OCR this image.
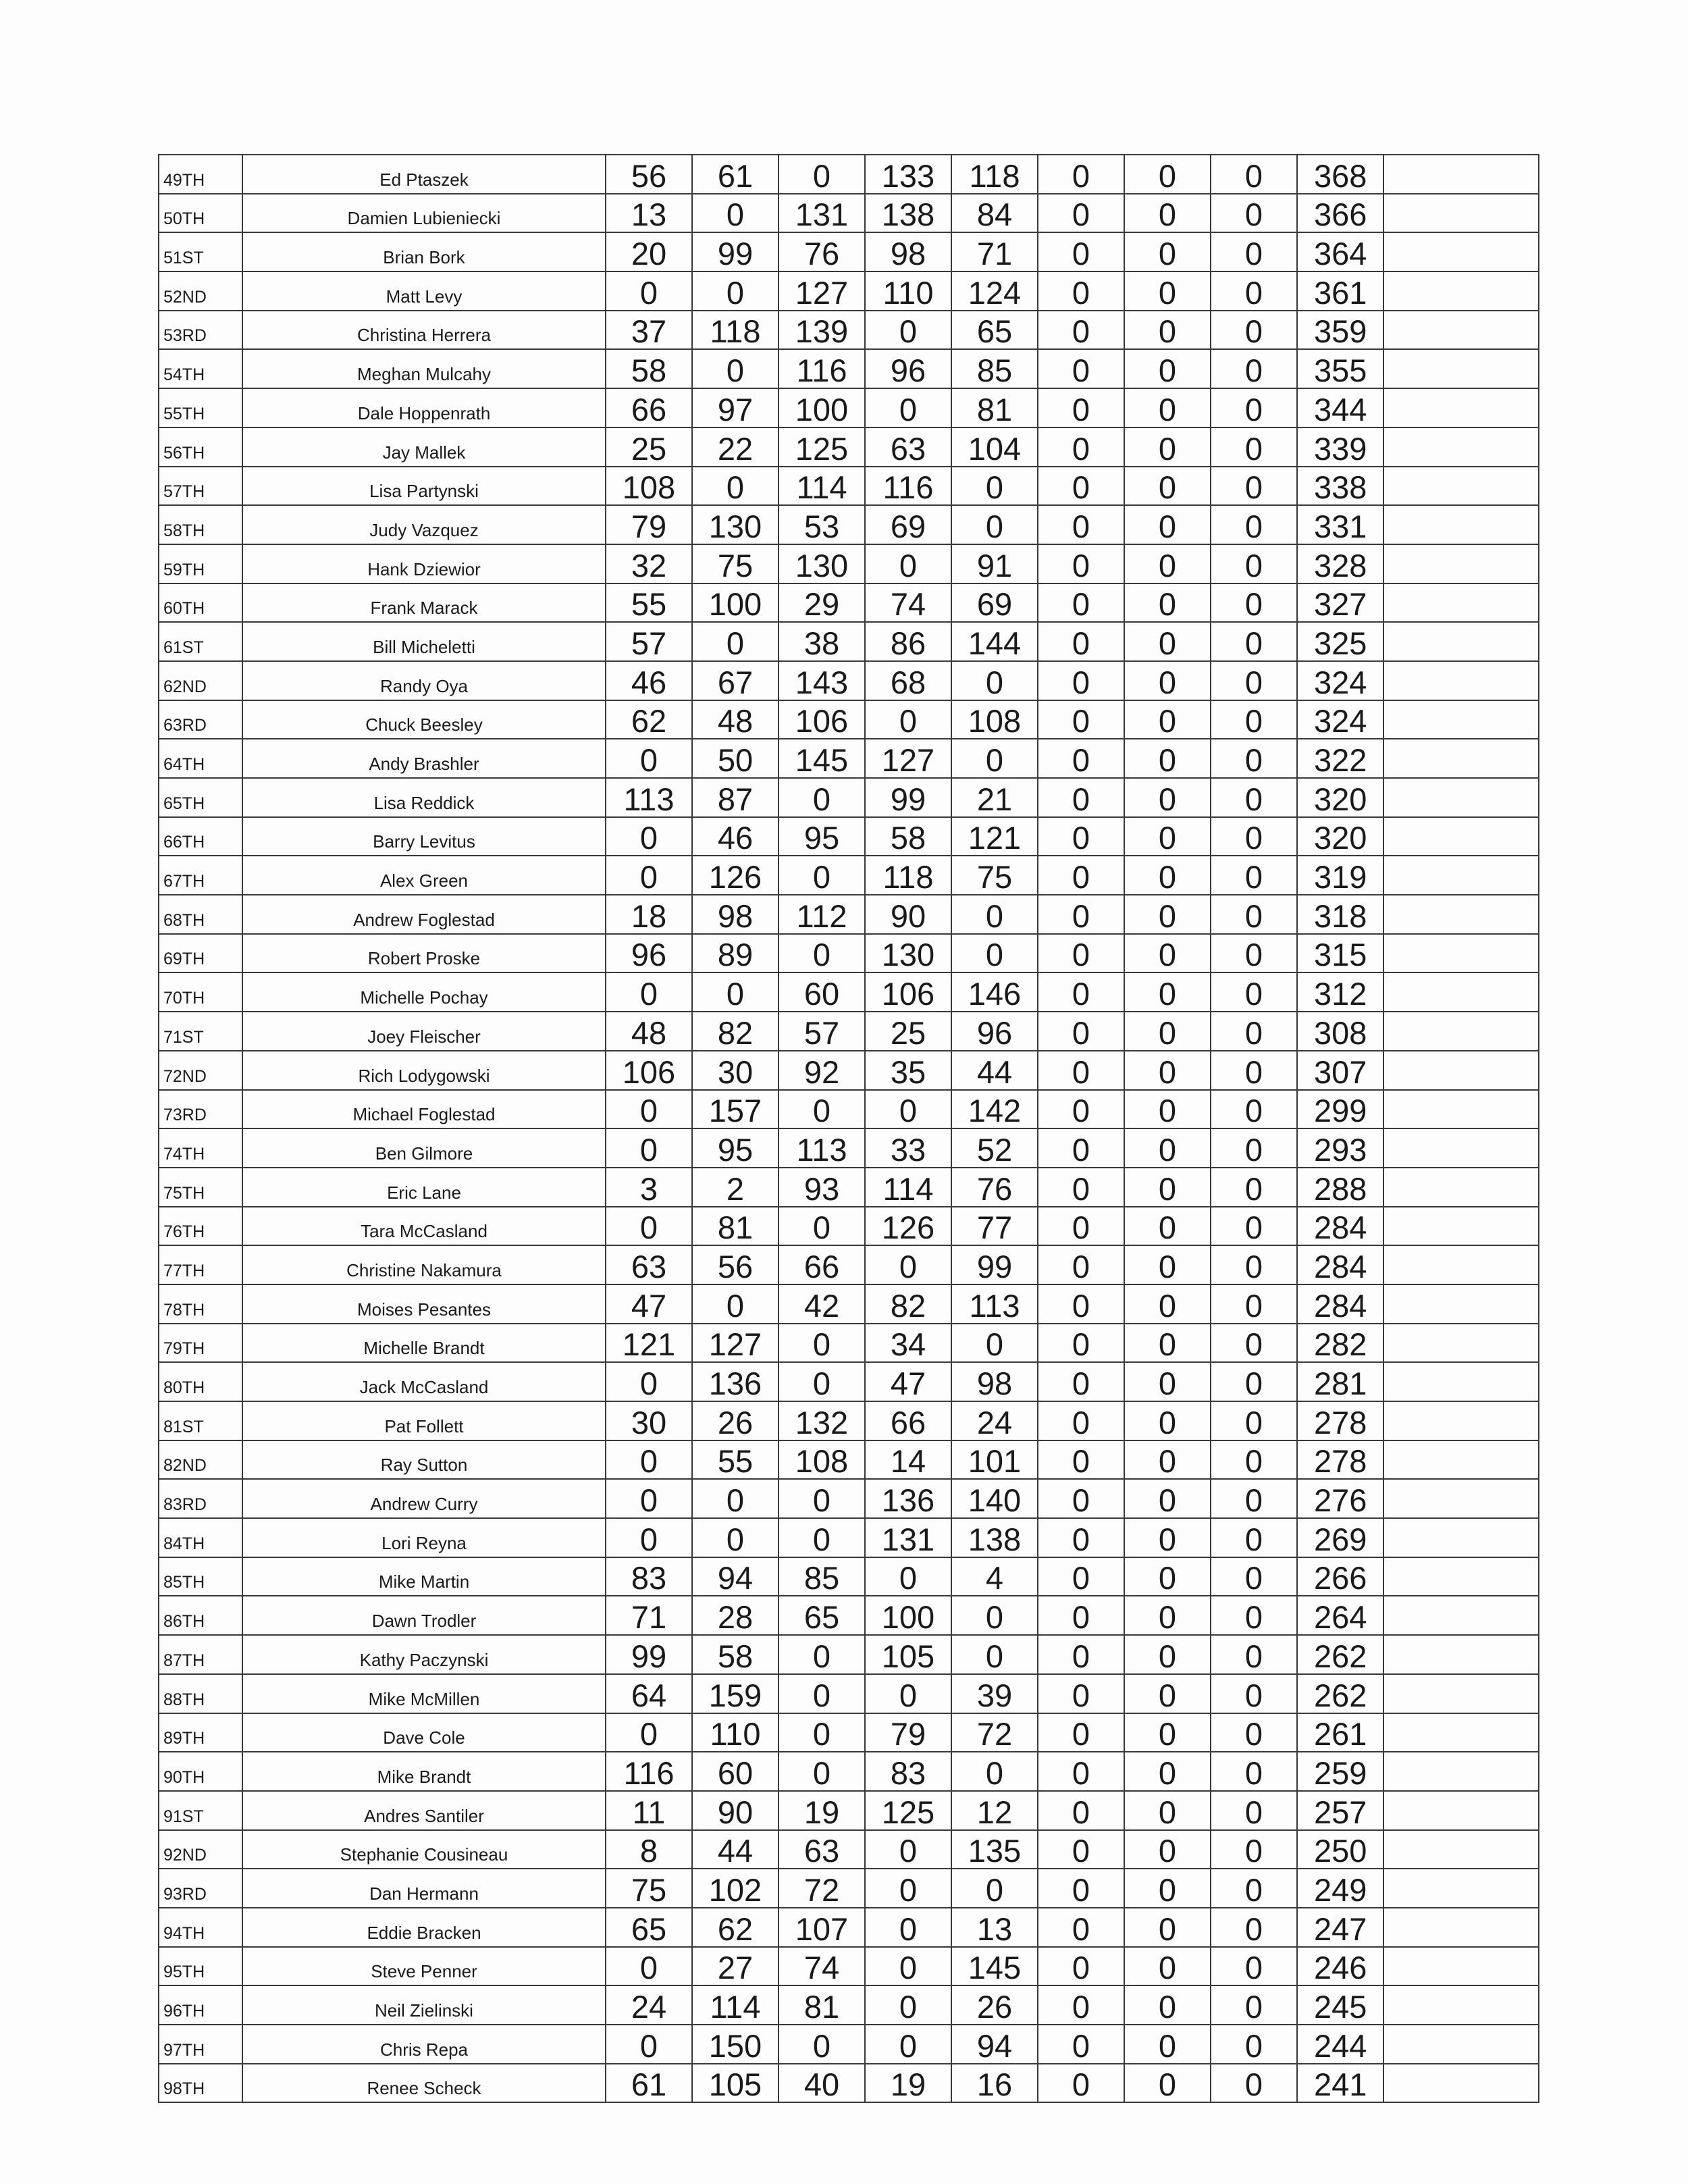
49TH	Ed Ptaszek	56	61	0	133	118	0	0	0	368	
50TH	Damien Lubieniecki	13	0	131	138	84	0	0	0	366	
51ST	Brian Bork	20	99	76	98	71	0	0	0	364	
52ND	Matt Levy	0	0	127	110	124	0	0	0	361	
53RD	Christina Herrera	37	118	139	0	65	0	0	0	359	
54TH	Meghan Mulcahy	58	0	116	96	85	0	0	0	355	
55TH	Dale Hoppenrath	66	97	100	0	81	0	0	0	344	
56TH	Jay Mallek	25	22	125	63	104	0	0	0	339	
57TH	Lisa Partynski	108	0	114	116	0	0	0	0	338	
58TH	Judy Vazquez	79	130	53	69	0	0	0	0	331	
59TH	Hank Dziewior	32	75	130	0	91	0	0	0	328	
60TH	Frank Marack	55	100	29	74	69	0	0	0	327	
61ST	Bill Micheletti	57	0	38	86	144	0	0	0	325	
62ND	Randy Oya	46	67	143	68	0	0	0	0	324	
63RD	Chuck Beesley	62	48	106	0	108	0	0	0	324	
64TH	Andy Brashler	0	50	145	127	0	0	0	0	322	
65TH	Lisa Reddick	113	87	0	99	21	0	0	0	320	
66TH	Barry Levitus	0	46	95	58	121	0	0	0	320	
67TH	Alex Green	0	126	0	118	75	0	0	0	319	
68TH	Andrew Foglestad	18	98	112	90	0	0	0	0	318	
69TH	Robert Proske	96	89	0	130	0	0	0	0	315	
70TH	Michelle Pochay	0	0	60	106	146	0	0	0	312	
71ST	Joey Fleischer	48	82	57	25	96	0	0	0	308	
72ND	Rich Lodygowski	106	30	92	35	44	0	0	0	307	
73RD	Michael Foglestad	0	157	0	0	142	0	0	0	299	
74TH	Ben Gilmore	0	95	113	33	52	0	0	0	293	
75TH	Eric Lane	3	2	93	114	76	0	0	0	288	
76TH	Tara McCasland	0	81	0	126	77	0	0	0	284	
77TH	Christine Nakamura	63	56	66	0	99	0	0	0	284	
78TH	Moises Pesantes	47	0	42	82	113	0	0	0	284	
79TH	Michelle Brandt	121	127	0	34	0	0	0	0	282	
80TH	Jack McCasland	0	136	0	47	98	0	0	0	281	
81ST	Pat Follett	30	26	132	66	24	0	0	0	278	
82ND	Ray Sutton	0	55	108	14	101	0	0	0	278	
83RD	Andrew Curry	0	0	0	136	140	0	0	0	276	
84TH	Lori Reyna	0	0	0	131	138	0	0	0	269	
85TH	Mike Martin	83	94	85	0	4	0	0	0	266	
86TH	Dawn Trodler	71	28	65	100	0	0	0	0	264	
87TH	Kathy Paczynski	99	58	0	105	0	0	0	0	262	
88TH	Mike McMillen	64	159	0	0	39	0	0	0	262	
89TH	Dave Cole	0	110	0	79	72	0	0	0	261	
90TH	Mike Brandt	116	60	0	83	0	0	0	0	259	
91ST	Andres Santiler	11	90	19	125	12	0	0	0	257	
92ND	Stephanie Cousineau	8	44	63	0	135	0	0	0	250	
93RD	Dan Hermann	75	102	72	0	0	0	0	0	249	
94TH	Eddie Bracken	65	62	107	0	13	0	0	0	247	
95TH	Steve Penner	0	27	74	0	145	0	0	0	246	
96TH	Neil Zielinski	24	114	81	0	26	0	0	0	245	
97TH	Chris Repa	0	150	0	0	94	0	0	0	244	
98TH	Renee Scheck	61	105	40	19	16	0	0	0	241	
